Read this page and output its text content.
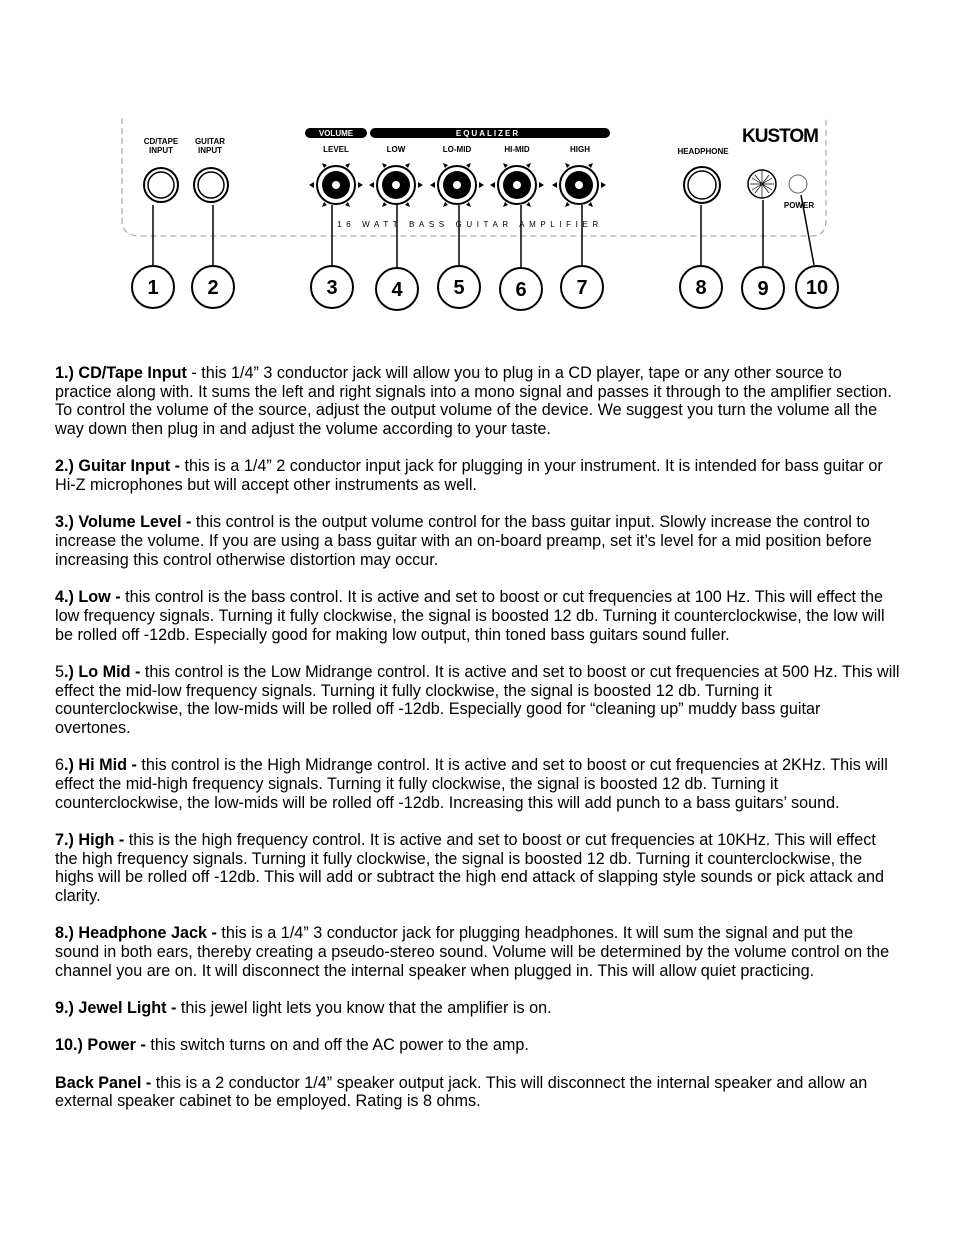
VOLUME	EQUALIZER
CD/TAPE
INPUT
GUITAR
INPUT	LEVEL	LOW	LO-MID	HI-MID	HIGH	HEADPHONE
KUSTOM
POWER
16 WATT BASS GUITAR AMPLIFIER
1 2	3	4	5	6 7	8	9 10

1.) CD/Tape Input - this 1/4” 3 conductor jack will allow you to plug in a CD player, tape or any other source to practice along with. It sums the left and right signals into a mono signal and passes it through to the amplifier section. To control the volume of the source, adjust the output volume of the device. We suggest you turn the volume all the way down then plug in and adjust the volume according to your taste.

2.) Guitar Input - this is a 1/4” 2 conductor input jack for plugging in your instrument. It is intended for bass guitar or Hi-Z microphones but will accept other instruments as well.

3.) Volume Level - this control is the output volume control for the bass guitar input. Slowly increase the control to increase the volume. If you are using a bass guitar with an on-board preamp, set it’s level for a mid position before increasing this control otherwise distortion may occur.

4.) Low - this control is the bass control. It is active and set to boost or cut frequencies at 100 Hz. This will effect the low frequency signals. Turning it fully clockwise, the signal is boosted 12 db. Turning it counterclockwise, the low will be rolled off -12db. Especially good for making low output, thin toned bass guitars sound fuller.

5.) Lo Mid - this control is the Low Midrange control. It is active and set to boost or cut frequencies at 500 Hz. This will effect the mid-low frequency signals. Turning it fully clockwise, the signal is boosted 12 db. Turning it counterclockwise, the low-mids will be rolled off -12db. Especially good for “cleaning up” muddy bass guitar overtones.

6.) Hi Mid - this control is the High Midrange control. It is active and set to boost or cut frequencies at 2KHz. This will effect the mid-high frequency signals. Turning it fully clockwise, the signal is boosted 12 db. Turning it counterclockwise, the low-mids will be rolled off -12db. Increasing this will add punch to a bass guitars’ sound.

7.) High - this is the high frequency control. It is active and set to boost or cut frequencies at 10KHz. This will effect the high frequency signals. Turning it fully clockwise, the signal is boosted 12 db. Turning it counterclockwise, the highs will be rolled off -12db. This will add or subtract the high end attack of slapping style sounds or pick attack and clarity.

8.) Headphone Jack - this is a 1/4” 3 conductor jack for plugging headphones. It will sum the signal and put the sound in both ears, thereby creating a pseudo-stereo sound. Volume will be determined by the volume control on the channel you are on. It will disconnect the internal speaker when plugged in. This will allow quiet practicing.

9.) Jewel Light - this jewel light lets you know that the amplifier is on.

10.) Power - this switch turns on and off the AC power to the amp.

Back Panel - this is a 2 conductor 1/4” speaker output jack. This will disconnect the internal speaker and allow an external speaker cabinet to be employed. Rating is 8 ohms.
